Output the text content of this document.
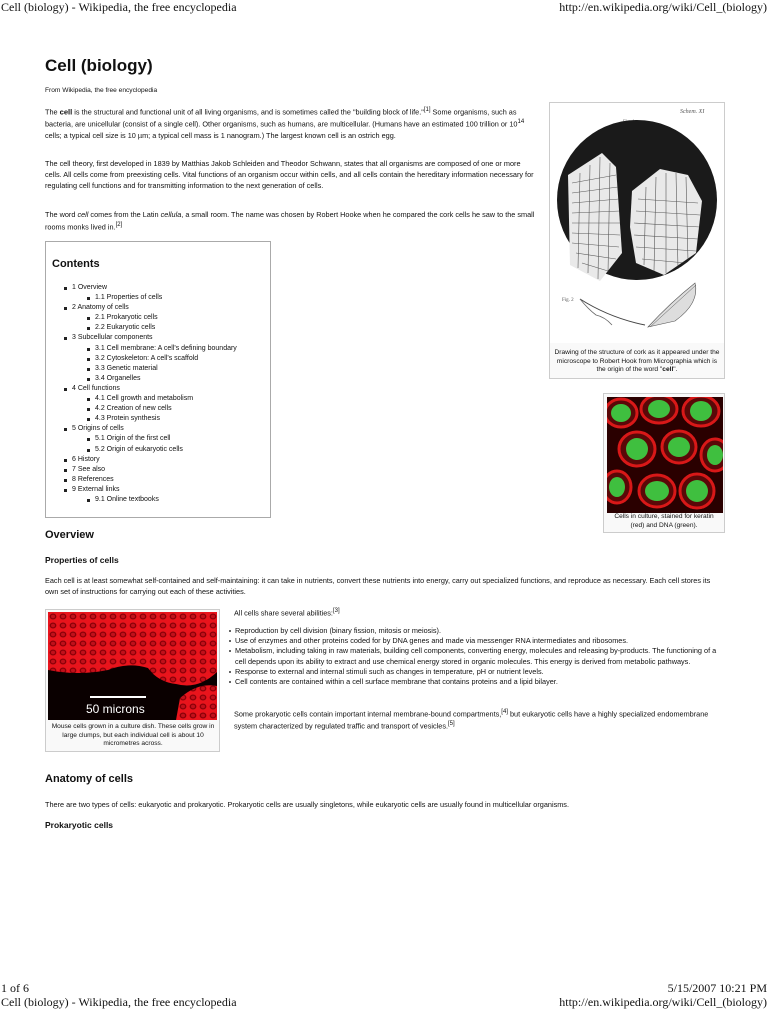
Cell (biology) - Wikipedia, the free encyclopedia	http://en.wikipedia.org/wiki/Cell_(biology)
Cell (biology)
From Wikipedia, the free encyclopedia
The cell is the structural and functional unit of all living organisms, and is sometimes called the "building block of life."[1] Some organisms, such as bacteria, are unicellular (consist of a single cell). Other organisms, such as humans, are multicellular. (Humans have an estimated 100 trillion or $10^{14}$ cells; a typical cell size is 10 µm; a typical cell mass is 1 nanogram.) The largest known cell is an ostrich egg.
The cell theory, first developed in 1839 by Matthias Jakob Schleiden and Theodor Schwann, states that all organisms are composed of one or more cells. All cells come from preexisting cells. Vital functions of an organism occur within cells, and all cells contain the hereditary information necessary for regulating cell functions and for transmitting information to the next generation of cells.
The word cell comes from the Latin cellula, a small room. The name was chosen by Robert Hooke when he compared the cork cells he saw to the small rooms monks lived in.[2]
Contents
1 Overview
1.1 Properties of cells
2 Anatomy of cells
2.1 Prokaryotic cells
2.2 Eukaryotic cells
3 Subcellular components
3.1 Cell membrane: A cell's defining boundary
3.2 Cytoskeleton: A cell's scaffold
3.3 Genetic material
3.4 Organelles
4 Cell functions
4.1 Cell growth and metabolism
4.2 Creation of new cells
4.3 Protein synthesis
5 Origins of cells
5.1 Origin of the first cell
5.2 Origin of eukaryotic cells
6 History
7 See also
8 References
9 External links
9.1 Online textbooks
Schem. XI
Fig. 2
Drawing of the structure of cork as it appeared under the microscope to Robert Hook from Micrographia which is the origin of the word "cell".
Cells in culture, stained for keratin (red) and DNA (green).
Overview
Properties of cells
Each cell is at least somewhat self-contained and self-maintaining: it can take in nutrients, convert these nutrients into energy, carry out specialized functions, and reproduce as necessary. Each cell stores its own set of instructions for carrying out each of these activities.
50 microns
Mouse cells grown in a culture dish. These cells grow in large clumps, but each individual cell is about 10 micrometres across.
All cells share several abilities:[3]
Reproduction by cell division (binary fission, mitosis or meiosis).
Use of enzymes and other proteins coded for by DNA genes and made via messenger RNA intermediates and ribosomes.
Metabolism, including taking in raw materials, building cell components, converting energy, molecules and releasing by-products. The functioning of a cell depends upon its ability to extract and use chemical energy stored in organic molecules. This energy is derived from metabolic pathways.
Response to external and internal stimuli such as changes in temperature, pH or nutrient levels.
Cell contents are contained within a cell surface membrane that contains proteins and a lipid bilayer.
Some prokaryotic cells contain important internal membrane-bound compartments,[4] but eukaryotic cells have a highly specialized endomembrane system characterized by regulated traffic and transport of vesicles.[5]
Anatomy of cells
There are two types of cells: eukaryotic and prokaryotic. Prokaryotic cells are usually singletons, while eukaryotic cells are usually found in multicellular organisms.
Prokaryotic cells
1 of 6	5/15/2007 10:21 PM
Cell (biology) - Wikipedia, the free encyclopedia	http://en.wikipedia.org/wiki/Cell_(biology)
